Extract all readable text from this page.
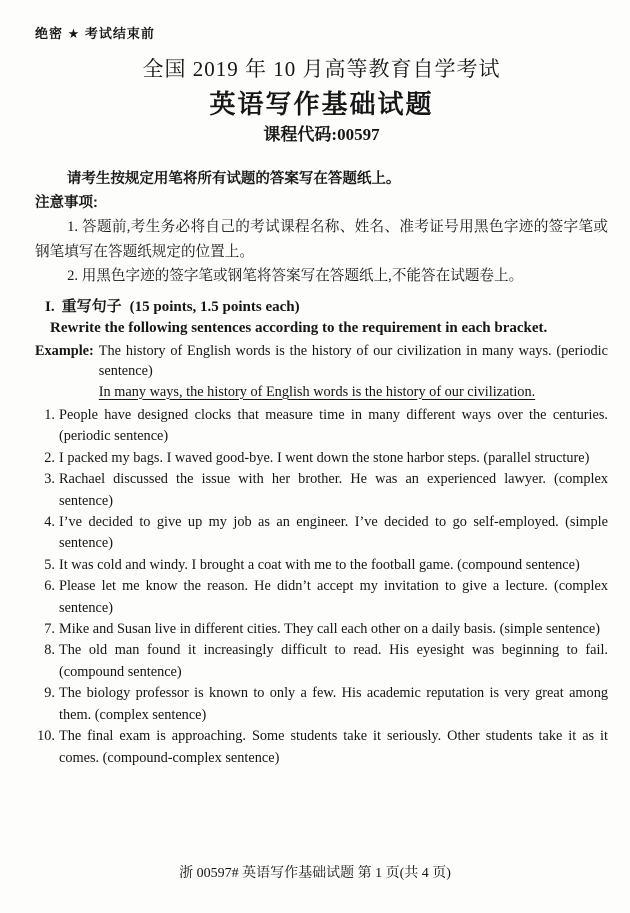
绝密 ★ 考试结束前
全国 2019 年 10 月高等教育自学考试
英语写作基础试题
课程代码:00597

请考生按规定用笔将所有试题的答案写在答题纸上。

注意事项:

1. 答题前,考生务必将自己的考试课程名称、姓名、准考证号用黑色字迹的签字笔或钢笔填写在答题纸规定的位置上。

2. 用黑色字迹的签字笔或钢笔将答案写在答题纸上,不能答在试题卷上。

I. 重写句子 (15 points, 1.5 points each)
Rewrite the following sentences according to the requirement in each bracket.
Example: The history of English words is the history of our civilization in many ways. (periodic sentence)
In many ways, the history of English words is the history of our civilization.
1. People have designed clocks that measure time in many different ways over the centuries. (periodic sentence)
2. I packed my bags. I waved good-bye. I went down the stone harbor steps. (parallel structure)
3. Rachael discussed the issue with her brother. He was an experienced lawyer. (complex sentence)
4. I’ve decided to give up my job as an engineer. I’ve decided to go self-employed. (simple sentence)
5. It was cold and windy. I brought a coat with me to the football game. (compound sentence)
6. Please let me know the reason. He didn’t accept my invitation to give a lecture. (complex sentence)
7. Mike and Susan live in different cities. They call each other on a daily basis. (simple sentence)
8. The old man found it increasingly difficult to read. His eyesight was beginning to fail. (compound sentence)
9. The biology professor is known to only a few. His academic reputation is very great among them. (complex sentence)
10. The final exam is approaching. Some students take it seriously. Other students take it as it comes. (compound-complex sentence)
浙 00597# 英语写作基础试题 第 1 页(共 4 页)
